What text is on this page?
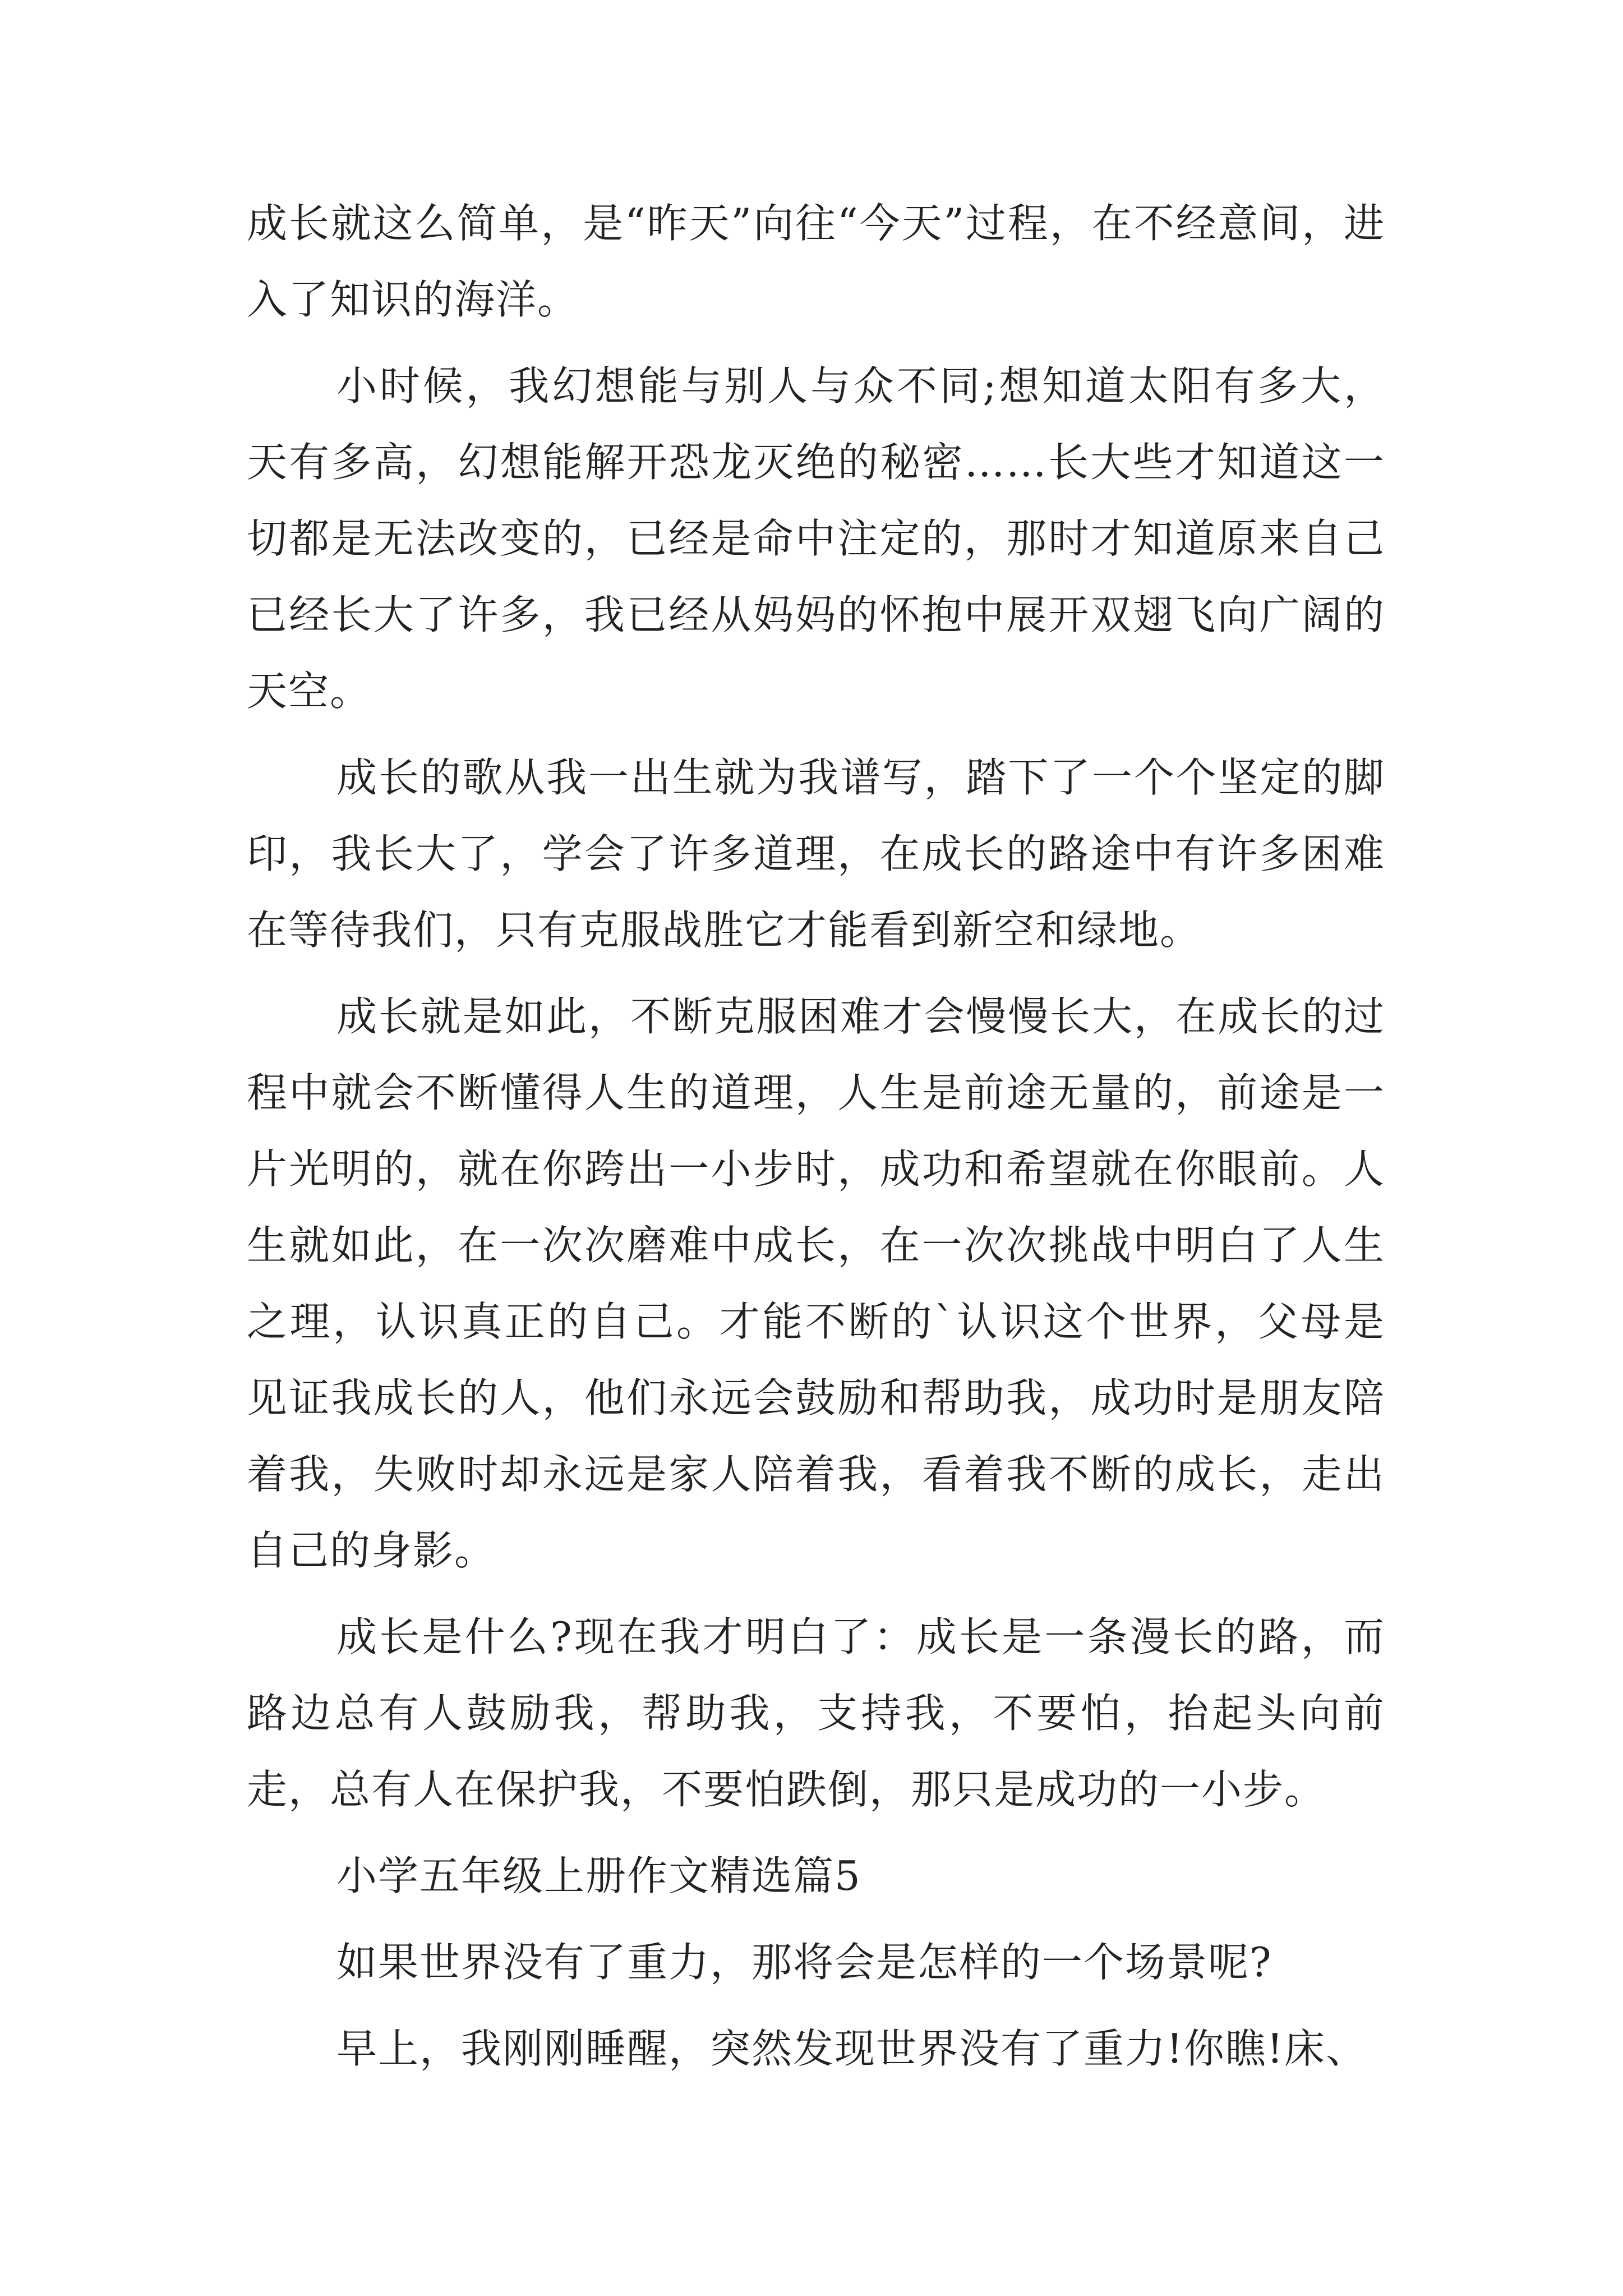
成长就这么简单，是“昨天”向往“今天”过程，在不经意间，进入了知识的海洋。

小时候，我幻想能与别人与众不同;想知道太阳有多大，天有多高，幻想能解开恐龙灭绝的秘密……长大些才知道这一切都是无法改变的，已经是命中注定的，那时才知道原来自己已经长大了许多，我已经从妈妈的怀抱中展开双翅飞向广阔的天空。

成长的歌从我一出生就为我谱写，踏下了一个个坚定的脚印，我长大了，学会了许多道理，在成长的路途中有许多困难在等待我们，只有克服战胜它才能看到新空和绿地。

成长就是如此，不断克服困难才会慢慢长大，在成长的过程中就会不断懂得人生的道理，人生是前途无量的，前途是一片光明的，就在你跨出一小步时，成功和希望就在你眼前。人生就如此，在一次次磨难中成长，在一次次挑战中明白了人生之理，认识真正的自己。才能不断的`认识这个世界，父母是见证我成长的人，他们永远会鼓励和帮助我，成功时是朋友陪着我，失败时却永远是家人陪着我，看着我不断的成长，走出自己的身影。

成长是什么?现在我才明白了：成长是一条漫长的路，而路边总有人鼓励我，帮助我，支持我，不要怕，抬起头向前走，总有人在保护我，不要怕跌倒，那只是成功的一小步。

小学五年级上册作文精选篇5

如果世界没有了重力，那将会是怎样的一个场景呢?

早上，我刚刚睡醒，突然发现世界没有了重力!你瞧!床、
